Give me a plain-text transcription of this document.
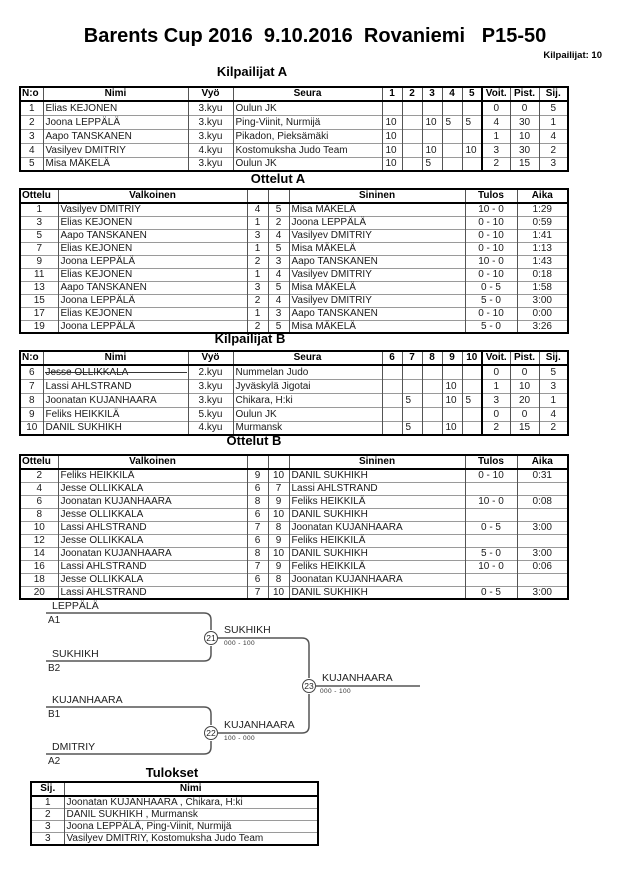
Barents Cup 2016  9.10.2016  Rovaniemi   P15-50
Kilpailijat: 10
Kilpailijat A
N:o	Nimi	Vyö	Seura	1	2	3	4	5	Voit.	Pist.	Sij.
1	Elias KEJONEN	3.kyu	Oulun JK						0	0	5
2	Joona LEPPÄLÄ	3.kyu	Ping-Viinit, Nurmijä	10		10	5	5	4	30	1
3	Aapo TANSKANEN	3.kyu	Pikadon, Pieksämäki	10					1	10	4
4	Vasilyev DMITRIY	4.kyu	Kostomuksha Judo Team	10		10		10	3	30	2
5	Misa MÄKELÄ	3.kyu	Oulun JK	10		5			2	15	3
Ottelut A
Ottelu	Valkoinen			Sininen	Tulos	Aika
1	Vasilyev DMITRIY	4	5	Misa MÄKELÄ	10 - 0	1:29
3	Elias KEJONEN	1	2	Joona LEPPÄLÄ	0 - 10	0:59
5	Aapo TANSKANEN	3	4	Vasilyev DMITRIY	0 - 10	1:41
7	Elias KEJONEN	1	5	Misa MÄKELÄ	0 - 10	1:13
9	Joona LEPPÄLÄ	2	3	Aapo TANSKANEN	10 - 0	1:43
11	Elias KEJONEN	1	4	Vasilyev DMITRIY	0 - 10	0:18
13	Aapo TANSKANEN	3	5	Misa MÄKELÄ	0 - 5	1:58
15	Joona LEPPÄLÄ	2	4	Vasilyev DMITRIY	5 - 0	3:00
17	Elias KEJONEN	1	3	Aapo TANSKANEN	0 - 10	0:00
19	Joona LEPPÄLÄ	2	5	Misa MÄKELÄ	5 - 0	3:26
Kilpailijat B
N:o	Nimi	Vyö	Seura	6	7	8	9	10	Voit.	Pist.	Sij.
6	Jesse OLLIKKALA	2.kyu	Nummelan Judo						0	0	5
7	Lassi AHLSTRAND	3.kyu	Jyväskylä Jigotai				10		1	10	3
8	Joonatan KUJANHAARA	3.kyu	Chikara, H:ki		5		10	5	3	20	1
9	Feliks HEIKKILÄ	5.kyu	Oulun JK						0	0	4
10	DANIL SUKHIKH	4.kyu	Murmansk		5		10		2	15	2
Ottelut B
Ottelu	Valkoinen			Sininen	Tulos	Aika
2	Feliks HEIKKILÄ	9	10	DANIL SUKHIKH	0 - 10	0:31
4	Jesse OLLIKKALA	6	7	Lassi AHLSTRAND		
6	Joonatan KUJANHAARA	8	9	Feliks HEIKKILÄ	10 - 0	0:08
8	Jesse OLLIKKALA	6	10	DANIL SUKHIKH		
10	Lassi AHLSTRAND	7	8	Joonatan KUJANHAARA	0 - 5	3:00
12	Jesse OLLIKKALA	6	9	Feliks HEIKKILÄ		
14	Joonatan KUJANHAARA	8	10	DANIL SUKHIKH	5 - 0	3:00
16	Lassi AHLSTRAND	7	9	Feliks HEIKKILÄ	10 - 0	0:06
18	Jesse OLLIKKALA	6	8	Joonatan KUJANHAARA		
20	Lassi AHLSTRAND	7	10	DANIL SUKHIKH	0 - 5	3:00
LEPPÄLÄ
A1
SUKHIKH
B2
21
SUKHIKH
000 - 100
KUJANHAARA
B1
DMITRIY
A2
22
KUJANHAARA
100 - 000
23
KUJANHAARA
000 - 100
Tulokset
Sij.	Nimi
1	Joonatan KUJANHAARA , Chikara, H:ki
2	DANIL SUKHIKH , Murmansk
3	Joona LEPPÄLÄ, Ping-Viinit, Nurmijä
3	Vasilyev DMITRIY, Kostomuksha Judo Team
